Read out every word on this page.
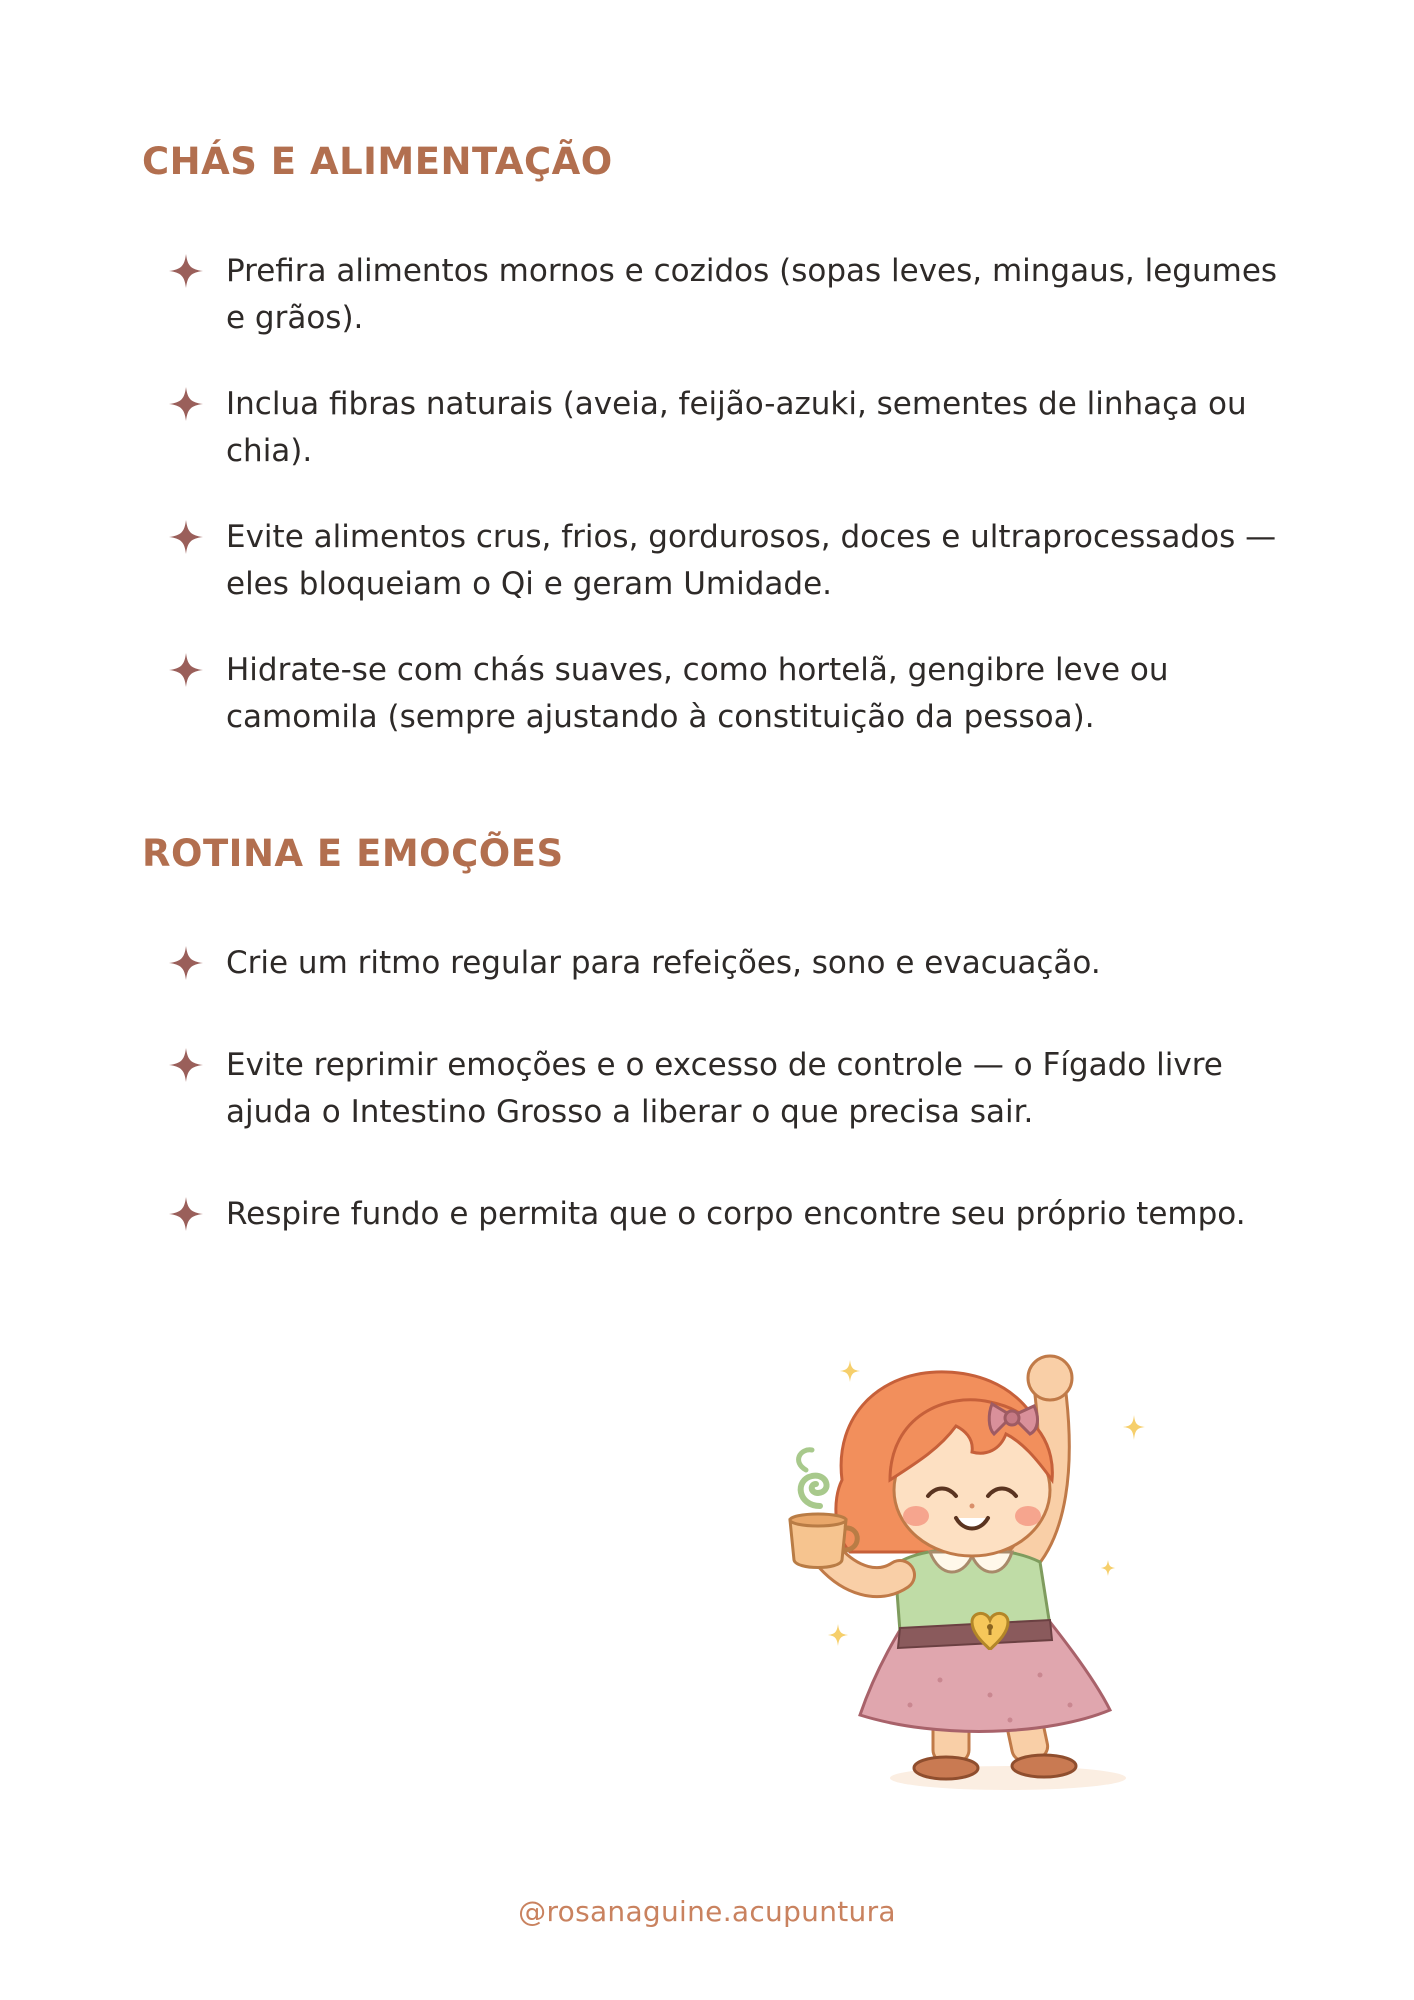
CHÁS E ALIMENTAÇÃO
Prefira alimentos mornos e cozidos (sopas leves, mingaus, legumes e grãos).
Inclua fibras naturais (aveia, feijão-azuki, sementes de linhaça ou chia).
Evite alimentos crus, frios, gordurosos, doces e ultraprocessados — eles bloqueiam o Qi e geram Umidade.
Hidrate-se com chás suaves, como hortelã, gengibre leve ou camomila (sempre ajustando à constituição da pessoa).
ROTINA E EMOÇÕES
Crie um ritmo regular para refeições, sono e evacuação.
Evite reprimir emoções e o excesso de controle — o Fígado livre ajuda o Intestino Grosso a liberar o que precisa sair.
Respire fundo e permita que o corpo encontre seu próprio tempo.
@rosanaguine.acupuntura
